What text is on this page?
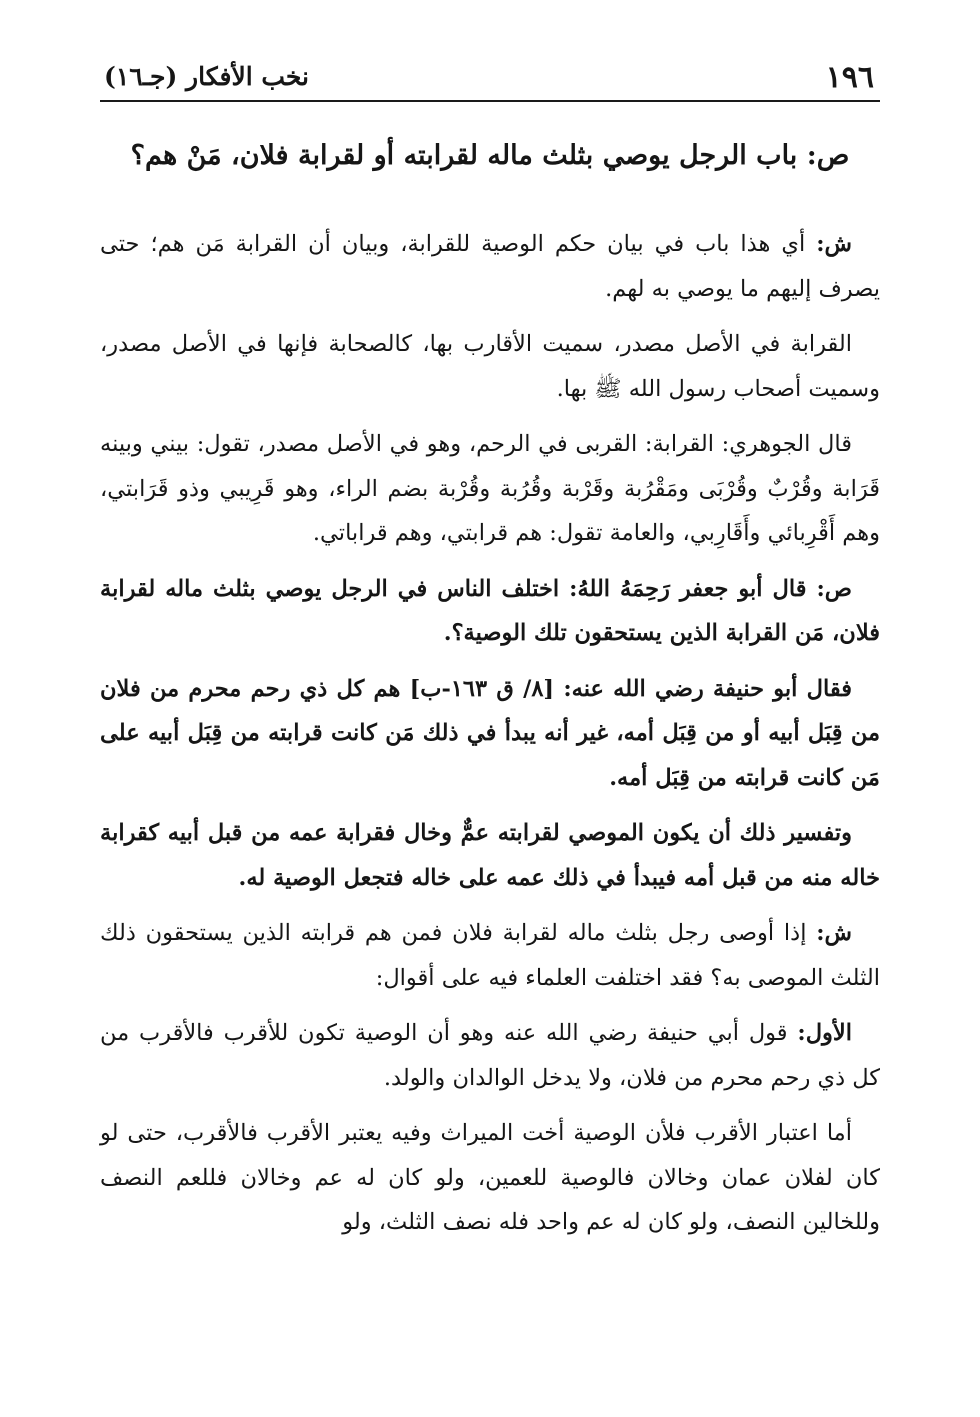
١٩٦
نخب الأفكار (جـ١٦)
ص: باب الرجل يوصي بثلث ماله لقرابته أو لقرابة فلان، مَنْ هم؟

ش: أي هذا باب في بيان حكم الوصية للقرابة، وبيان أن القرابة مَن هم؛ حتى يصرف إليهم ما يوصي به لهم.

القرابة في الأصل مصدر، سميت الأقارب بها، كالصحابة فإنها في الأصل مصدر، وسميت أصحاب رسول الله ﷺ بها.

قال الجوهري: القرابة: القربى في الرحم، وهو في الأصل مصدر، تقول: بيني وبينه قَرَابة وقُرْبٌ وقُرْبَى ومَقْرُبة وقَرْبة وقُرُبة وقُرْبة بضم الراء، وهو قَرِيبي وذو قَرَابتي، وهم أَقْرِبائي وأَقَارِبي، والعامة تقول: هم قرابتي، وهم قراباتي.

ص: قال أبو جعفر رَحِمَهُ اللهُ: اختلف الناس في الرجل يوصي بثلث ماله لقرابة فلان، مَن القرابة الذين يستحقون تلك الوصية؟.

فقال أبو حنيفة رضي الله عنه: [٨/ ق ١٦٣-ب] هم كل ذي رحم محرم من فلان من قِبَل أبيه أو من قِبَل أمه، غير أنه يبدأ في ذلك مَن كانت قرابته من قِبَل أبيه على مَن كانت قرابته من قِبَل أمه.

وتفسير ذلك أن يكون الموصي لقرابته عمٌّ وخال فقرابة عمه من قبل أبيه كقرابة خاله منه من قبل أمه فيبدأ في ذلك عمه على خاله فتجعل الوصية له.

ش: إذا أوصى رجل بثلث ماله لقرابة فلان فمن هم قرابته الذين يستحقون ذلك الثلث الموصى به؟ فقد اختلفت العلماء فيه على أقوال:

الأول: قول أبي حنيفة رضي الله عنه وهو أن الوصية تكون للأقرب فالأقرب من كل ذي رحم محرم من فلان، ولا يدخل الوالدان والولد.

أما اعتبار الأقرب فلأن الوصية أخت الميراث وفيه يعتبر الأقرب فالأقرب، حتى لو كان لفلان عمان وخالان فالوصية للعمين، ولو كان له عم وخالان فللعم النصف وللخالين النصف، ولو كان له عم واحد فله نصف الثلث، ولو
